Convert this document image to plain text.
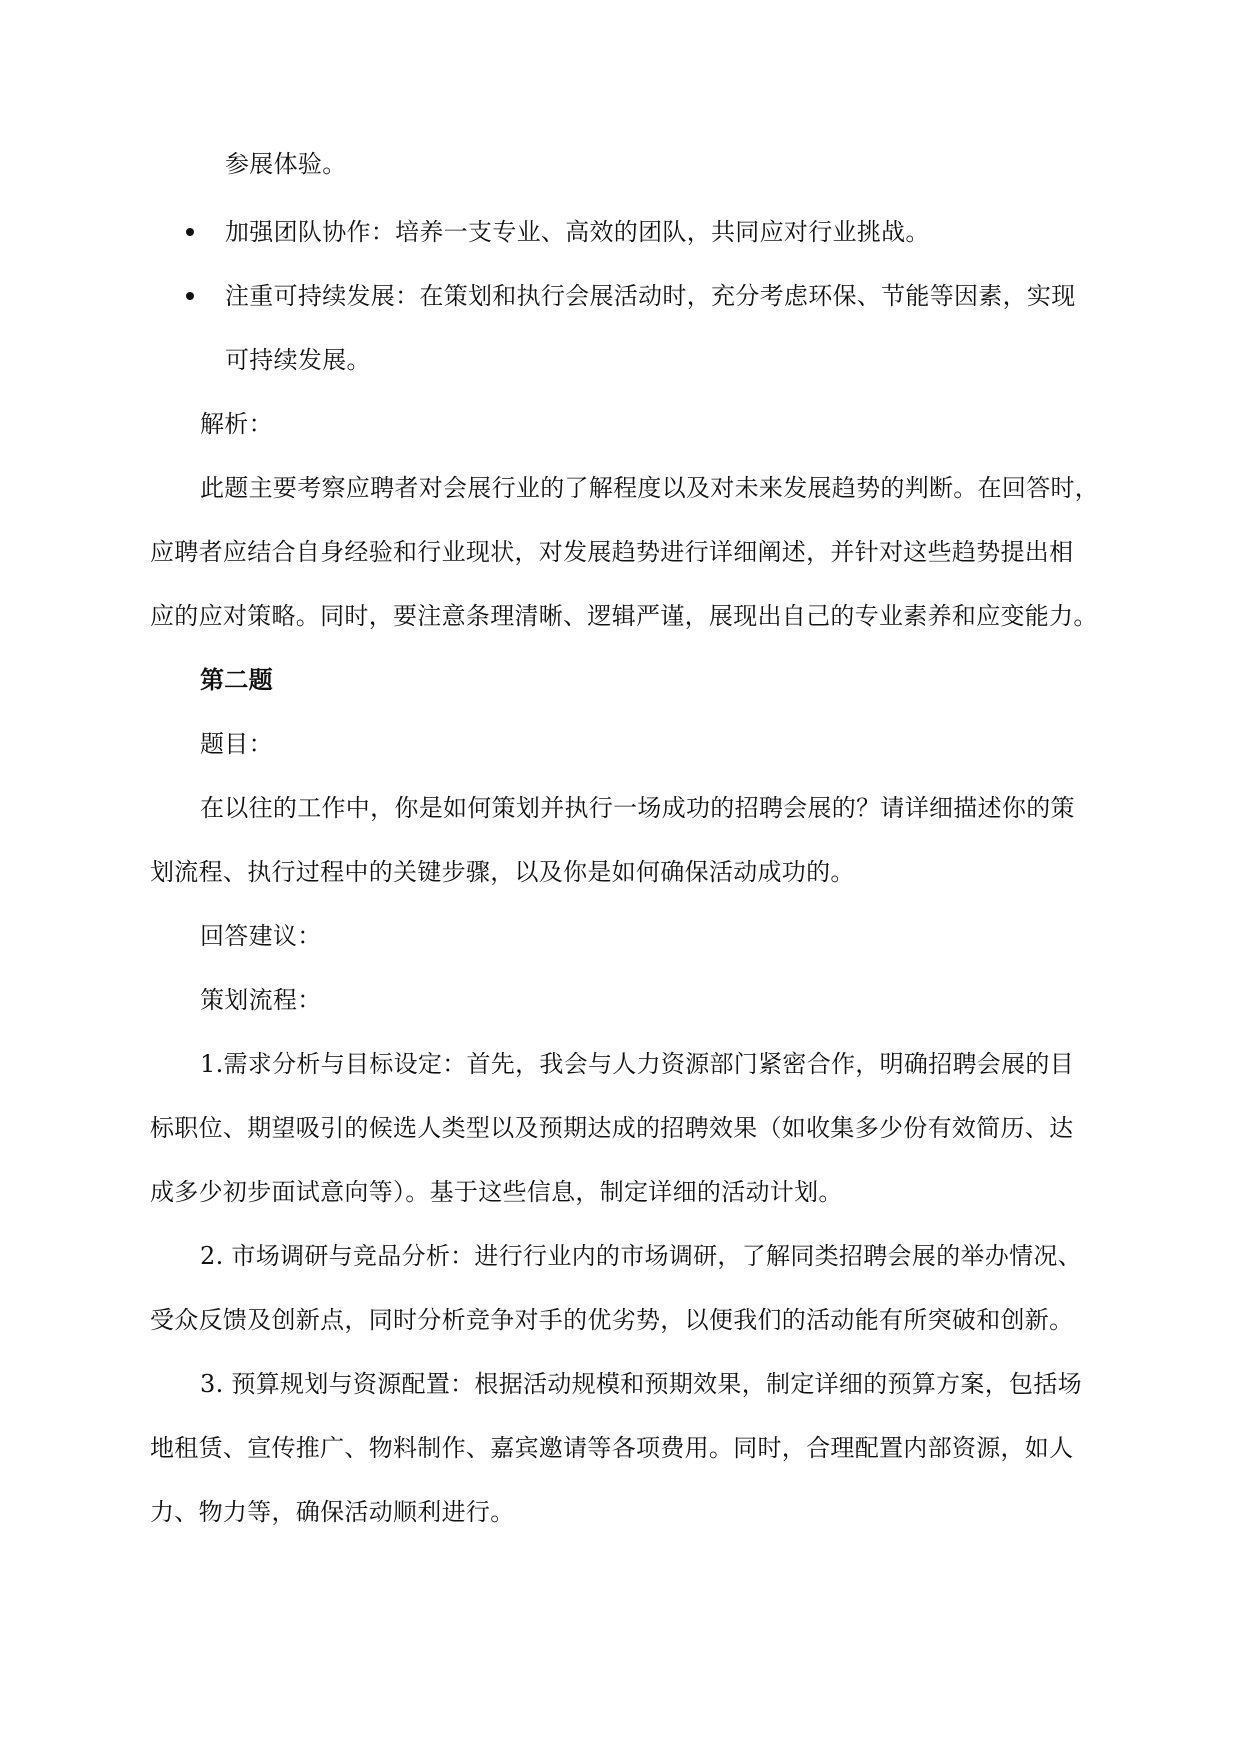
参展体验。
加强团队协作：培养一支专业、高效的团队，共同应对行业挑战。
注重可持续发展：在策划和执行会展活动时，充分考虑环保、节能等因素，实现
可持续发展。
解析：
此题主要考察应聘者对会展行业的了解程度以及对未来发展趋势的判断。在回答时，
应聘者应结合自身经验和行业现状，对发展趋势进行详细阐述，并针对这些趋势提出相
应的应对策略。同时，要注意条理清晰、逻辑严谨，展现出自己的专业素养和应变能力。
第二题
题目：
在以往的工作中，你是如何策划并执行一场成功的招聘会展的？请详细描述你的策
划流程、执行过程中的关键步骤，以及你是如何确保活动成功的。
回答建议：
策划流程：
1.需求分析与目标设定：首先，我会与人力资源部门紧密合作，明确招聘会展的目
标职位、期望吸引的候选人类型以及预期达成的招聘效果（如收集多少份有效简历、达
成多少初步面试意向等）。基于这些信息，制定详细的活动计划。
2. 市场调研与竞品分析：进行行业内的市场调研，了解同类招聘会展的举办情况、
受众反馈及创新点，同时分析竞争对手的优劣势，以便我们的活动能有所突破和创新。
3. 预算规划与资源配置：根据活动规模和预期效果，制定详细的预算方案，包括场
地租赁、宣传推广、物料制作、嘉宾邀请等各项费用。同时，合理配置内部资源，如人
力、物力等，确保活动顺利进行。
